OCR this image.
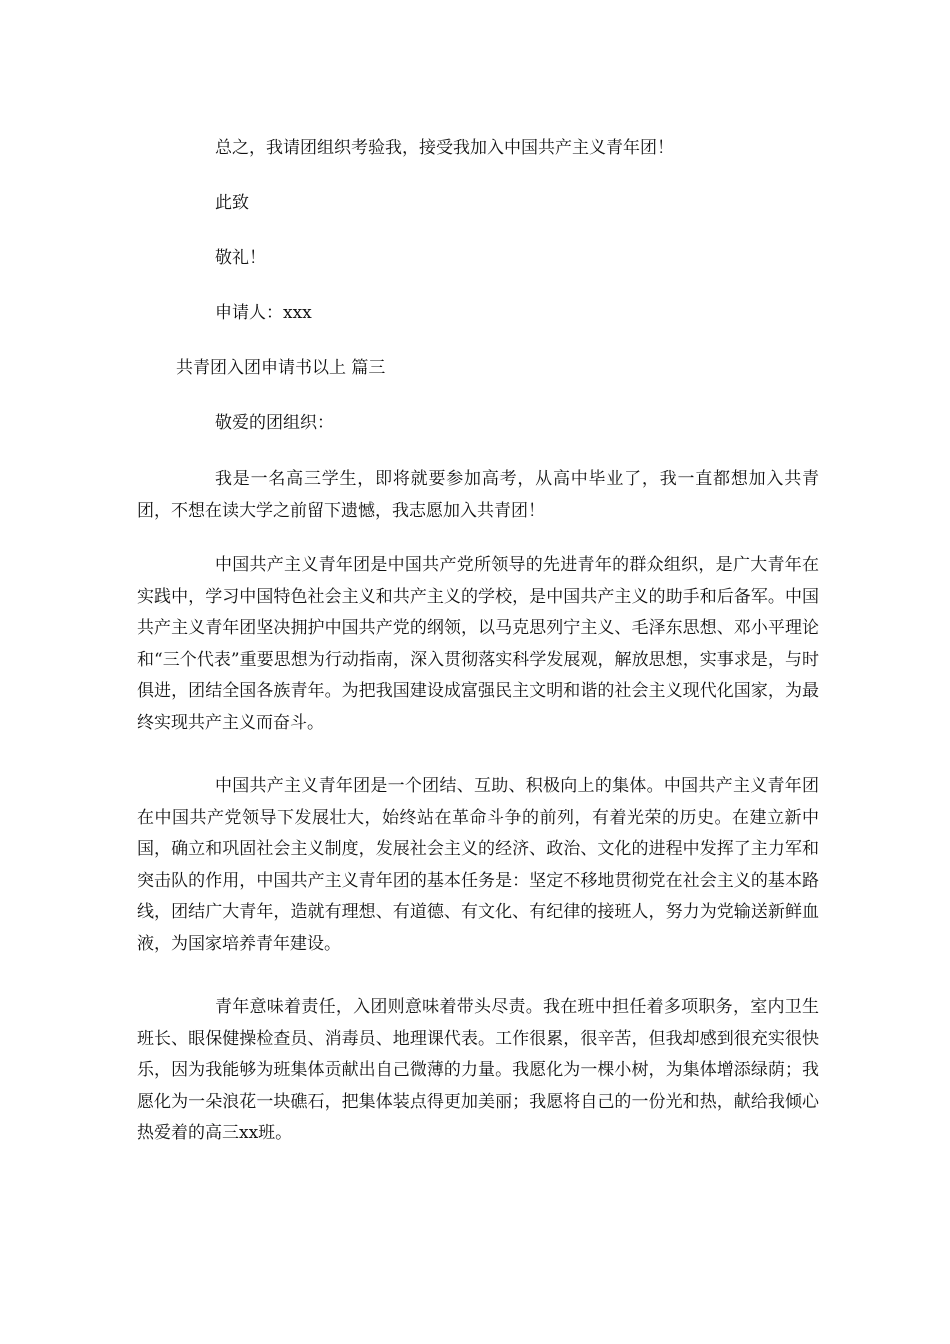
总之，我请团组织考验我，接受我加入中国共产主义青年团！

此致

敬礼！

申请人：xxx

共青团入团申请书以上 篇三

敬爱的团组织：

我是一名高三学生，即将就要参加高考，从高中毕业了，我一直都想加入共青团，不想在读大学之前留下遗憾，我志愿加入共青团！

中国共产主义青年团是中国共产党所领导的先进青年的群众组织，是广大青年在实践中，学习中国特色社会主义和共产主义的学校，是中国共产主义的助手和后备军。中国共产主义青年团坚决拥护中国共产党的纲领，以马克思列宁主义、毛泽东思想、邓小平理论和“三个代表”重要思想为行动指南，深入贯彻落实科学发展观，解放思想，实事求是，与时俱进，团结全国各族青年。为把我国建设成富强民主文明和谐的社会主义现代化国家，为最终实现共产主义而奋斗。

中国共产主义青年团是一个团结、互助、积极向上的集体。中国共产主义青年团在中国共产党领导下发展壮大，始终站在革命斗争的前列，有着光荣的历史。在建立新中国，确立和巩固社会主义制度，发展社会主义的经济、政治、文化的进程中发挥了主力军和突击队的作用，中国共产主义青年团的基本任务是：坚定不移地贯彻党在社会主义的基本路线，团结广大青年，造就有理想、有道德、有文化、有纪律的接班人，努力为党输送新鲜血液，为国家培养青年建设。

青年意味着责任，入团则意味着带头尽责。我在班中担任着多项职务，室内卫生班长、眼保健操检查员、消毒员、地理课代表。工作很累，很辛苦，但我却感到很充实很快乐，因为我能够为班集体贡献出自己微薄的力量。我愿化为一棵小树，为集体增添绿荫；我愿化为一朵浪花一块礁石，把集体装点得更加美丽；我愿将自己的一份光和热，献给我倾心热爱着的高三xx班。
